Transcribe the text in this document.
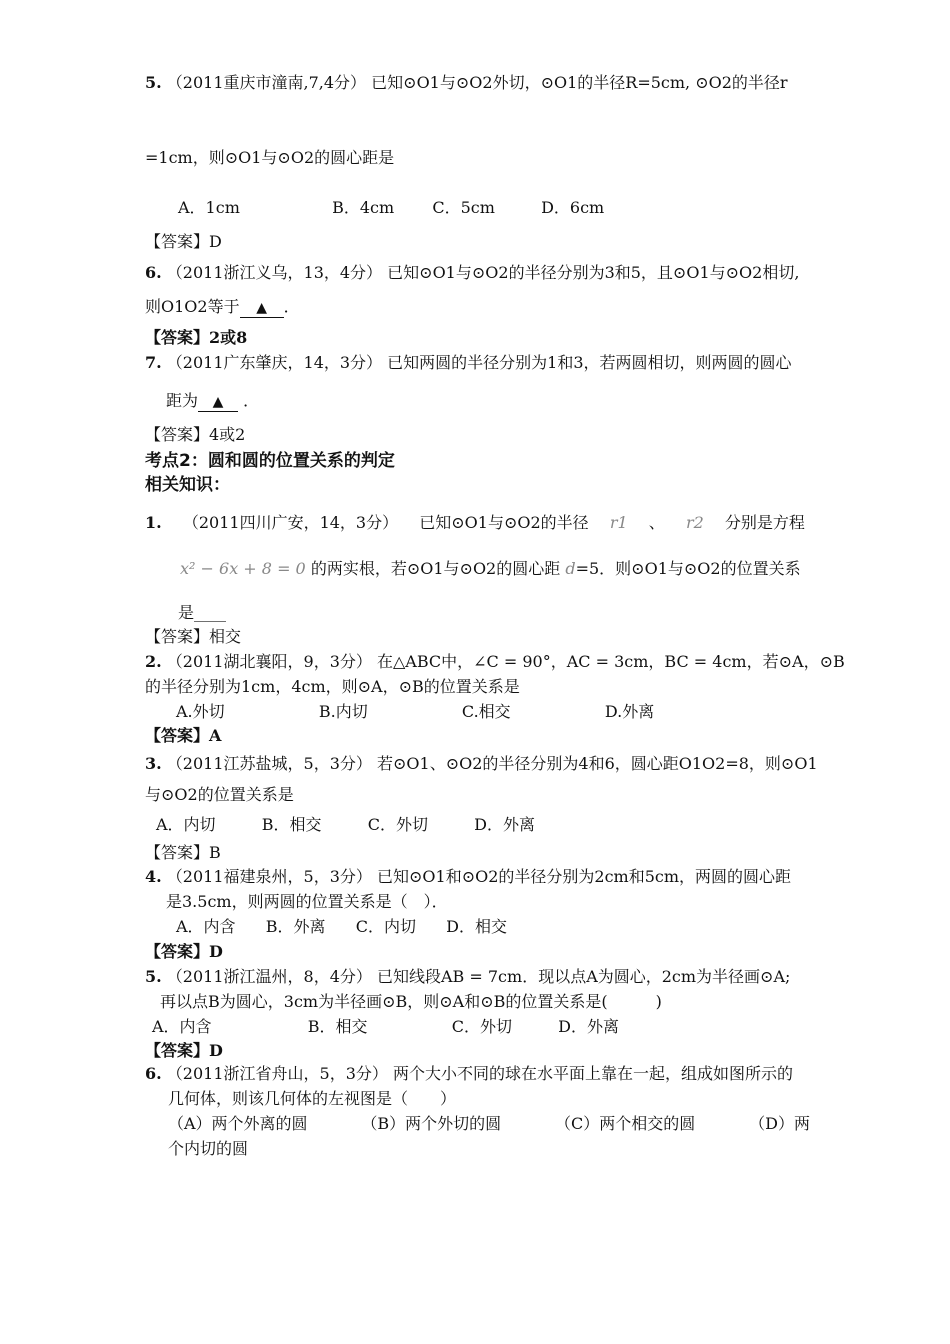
5. （2011重庆市潼南,7,4分） 已知⊙O1与⊙O2外切，⊙O1的半径R=5cm, ⊙O2的半径r
=1cm，则⊙O1与⊙O2的圆心距是
A．1cm	B．4cm C．5cm	D．6cm
【答案】D
6. （2011浙江义乌，13，4分） 已知⊙O1与⊙O2的半径分别为3和5，且⊙O1与⊙O2相切,
则O1O2等于 ▲ ．
【答案】2或8
7. （2011广东肇庆，14，3分） 已知两圆的半径分别为1和3，若两圆相切，则两圆的圆心
距为 ▲ ．
【答案】4或2
考点2：圆和圆的位置关系的判定
相关知识：
1. （2011四川广安，14，3分） 已知⊙O1与⊙O2的半径 r1 、 r2 分别是方程
x² − 6x + 8 = 0 的两实根，若⊙O1与⊙O2的圆心距 d=5．则⊙O1与⊙O2的位置关系
是____
【答案】相交
2. （2011湖北襄阳，9，3分） 在△ABC中，∠C = 90°，AC = 3cm，BC = 4cm，若⊙A，⊙B
的半径分别为1cm，4cm，则⊙A，⊙B的位置关系是
A.外切	B.内切	C.相交	D.外离
【答案】A
3. （2011江苏盐城，5，3分） 若⊙O1、⊙O2的半径分别为4和6，圆心距O1O2=8，则⊙O1
与⊙O2的位置关系是
A．内切	B．相交	C．外切	D．外离
【答案】B
4. （2011福建泉州，5，3分） 已知⊙O1和⊙O2的半径分别为2cm和5cm，两圆的圆心距
是3.5cm，则两圆的位置关系是（　）．
A．内含 B．外离 C．内切 D．相交
【答案】D
5. （2011浙江温州，8，4分） 已知线段AB = 7cm．现以点A为圆心，2cm为半径画⊙A;
再以点B为圆心，3cm为半径画⊙B，则⊙A和⊙B的位置关系是(　　　)
A．内含	B．相交	C．外切	D．外离
【答案】D
6. （2011浙江省舟山，5，3分） 两个大小不同的球在水平面上靠在一起，组成如图所示的
几何体，则该几何体的左视图是（　　）
（A）两个外离的圆	（B）两个外切的圆	（C）两个相交的圆	（D）两
个内切的圆
